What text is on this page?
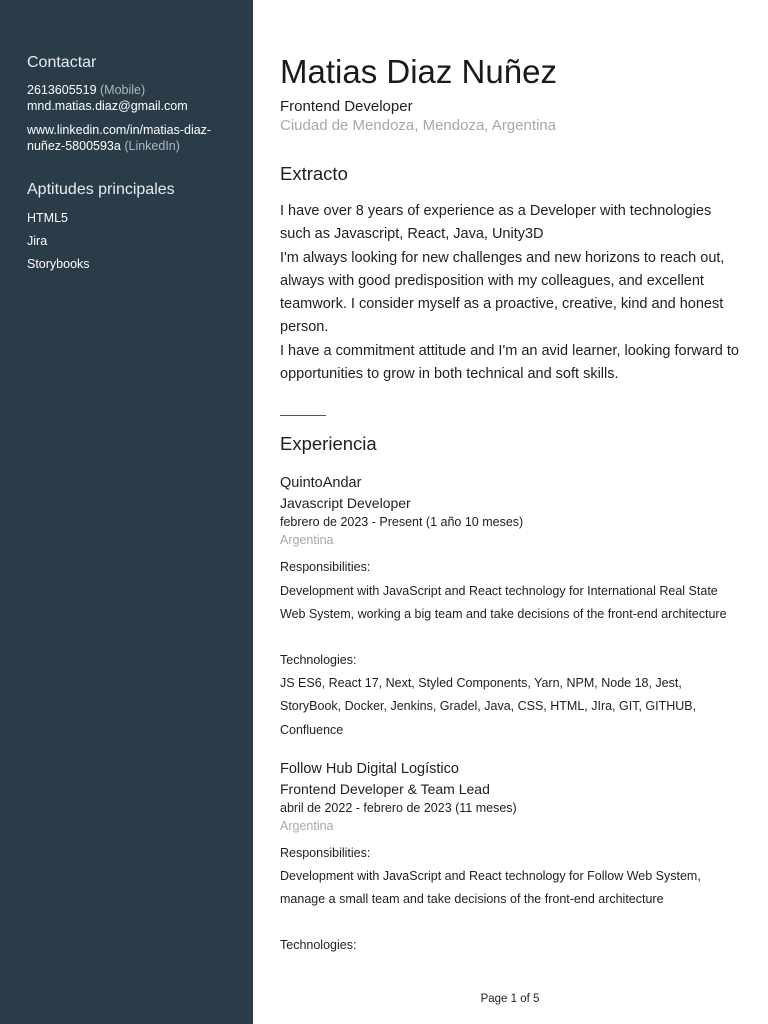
Contactar
2613605519 (Mobile)
mnd.matias.diaz@gmail.com
www.linkedin.com/in/matias-diaz-
nuñez-5800593a (LinkedIn)
Aptitudes principales
HTML5
Jira
Storybooks
Matias Diaz Nuñez
Frontend Developer
Ciudad de Mendoza, Mendoza, Argentina
Extracto

I have over 8 years of experience as a Developer with technologies such as Javascript, React, Java, Unity3D

I'm always looking for new challenges and new horizons to reach out, always with good predisposition with my colleagues, and excellent teamwork. I consider myself as a proactive, creative, kind and honest person.

I have a commitment attitude and I'm an avid learner, looking forward to opportunities to grow in both technical and soft skills.

Experiencia
QuintoAndar
Javascript Developer
febrero de 2023 - Present (1 año 10 meses)
Argentina

Responsibilities:

Development with JavaScript and React technology for International Real State Web System, working a big team and take decisions of the front-end architecture

Technologies:

JS ES6, React 17, Next, Styled Components, Yarn, NPM, Node 18, Jest, StoryBook, Docker, Jenkins, Gradel, Java, CSS, HTML, JIra, GIT, GITHUB, Confluence

Follow Hub Digital Logístico
Frontend Developer & Team Lead
abril de 2022 - febrero de 2023 (11 meses)
Argentina

Responsibilities:

Development with JavaScript and React technology for Follow Web System, manage a small team and take decisions of the front-end architecture

Technologies:

Page 1 of 5
